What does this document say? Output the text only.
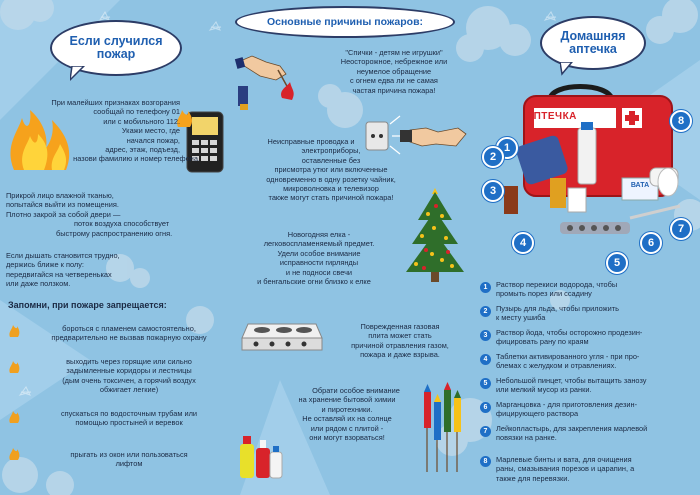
Если случился
пожар
При малейших признаках возгорания
сообщай по телефону 01
или с мобильного 112.
Укажи место, где
начался пожар,
адрес, этаж, подъезд,
назови фамилию и номер телефона.
Прикрой лицо влажной тканью,
попытайся выйти из помещения.
Плотно закрой за собой двери —
поток воздуха способствует
быстрому распространению огня.
Если дышать становится трудно,
держись ближе к полу:
передвигайся на четвереньках
или даже ползком.
Запомни, при пожаре запрещается:
бороться с пламенем самостоятельно,
предварительно не вызвав пожарную охрану
выходить через горящие или сильно
задымленные коридоры и лестницы
(дым очень токсичен, а горячий воздух
обжигает легкие)
спускаться по водосточным трубам или
помощью простыней и веревок
прыгать из окон или пользоваться
лифтом
Основные причины пожаров:
"Спички - детям не игрушки"
Неосторожное, небрежное или
неумелое обращение
с огнем едва ли не самая
частая причина пожара!
Неисправные проводка и
электроприборы,
оставленные без
присмотра утюг или включенные
одновременно в одну розетку чайник,
микроволновка и телевизор
также могут стать причиной пожара!
Новогодняя елка -
легковоспламеняемый предмет.
Удели особое внимание
исправности гирлянды
и не подноси свечи
и бенгальские огни близко к елке
Поврежденная газовая
плита может стать
причиной отравления газом,
пожара и даже взрыва.
Обрати особое внимание
на хранение бытовой химии
и пиротехники.
Не оставляй их на солнце
или рядом с плитой -
они могут взорваться!
Домашняя
аптечка
АПТЕЧКА
ВАТА
1
2
3
4
5
6
7
8
1	Раствор перекиси водорода, чтобы
промыть порез или ссадину
2	Пузырь для льда, чтобы приложить
к месту ушиба
3	Раствор йода, чтобы осторожно продезин-
фицировать рану по краям
4	Таблетки активированного угля - при про-
блемах с желудком и отравлениях.
5	Небольшой пинцет, чтобы вытащить занозу
или мелкий мусор из ранки.
6	Марганцовка - для приготовления дезин-
фицирующего раствора
7	Лейкопластырь, для закрепления марлевой
повязки на ранке.
8	Марлевые бинты и вата, для очищения
раны, смазывания порезов и царапин, а
также для перевязки.
